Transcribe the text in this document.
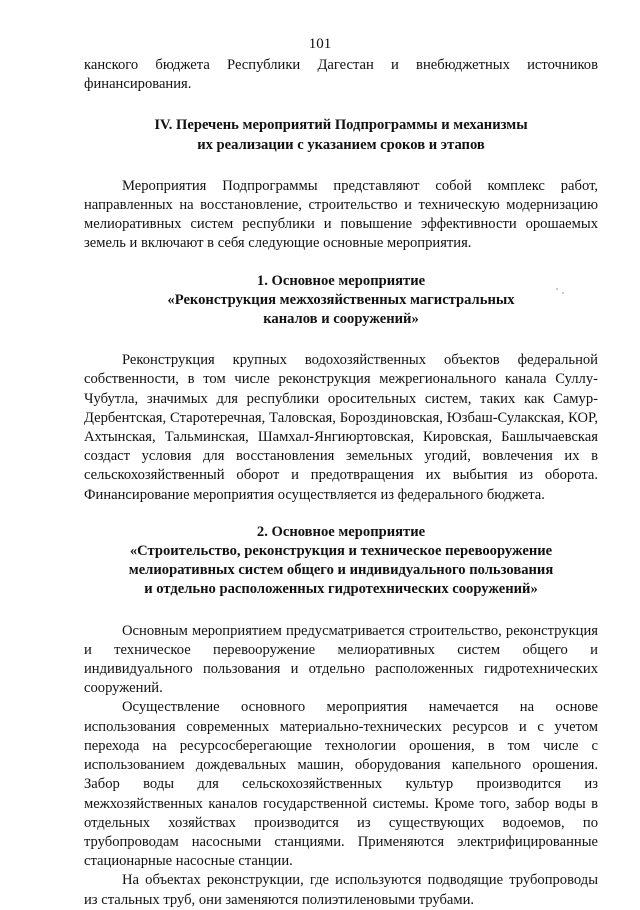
101

канского бюджета Республики Дагестан и внебюджетных источников финансирования.

IV. Перечень мероприятий Подпрограммы и механизмы
их реализации с указанием сроков и этапов

Мероприятия Подпрограммы представляют собой комплекс работ, направленных на восстановление, строительство и техническую модернизацию мелиоративных систем республики и повышение эффективности орошаемых земель и включают в себя следующие основные мероприятия.

1. Основное мероприятие
«Реконструкция межхозяйственных магистральных
каналов и сооружений»

Реконструкция крупных водохозяйственных объектов федеральной собственности, в том числе реконструкция межрегионального канала Суллу-Чубутла, значимых для республики оросительных систем, таких как Самур-Дербентская, Старотеречная, Таловская, Бороздиновская, Юзбаш-Сулакская, КОР, Ахтынская, Тальминская, Шамхал-Янгиюртовская, Кировская, Башлычаевская создаст условия для восстановления земельных угодий, вовлечения их в сельскохозяйственный оборот и предотвращения их выбытия из оборота. Финансирование мероприятия осуществляется из федерального бюджета.

2. Основное мероприятие
«Строительство, реконструкция и техническое перевооружение
мелиоративных систем общего и индивидуального пользования
и отдельно расположенных гидротехнических сооружений»

Основным мероприятием предусматривается строительство, реконструкция и техническое перевооружение мелиоративных систем общего и индивидуального пользования и отдельно расположенных гидротехнических сооружений.

Осуществление основного мероприятия намечается на основе использования современных материально-технических ресурсов и с учетом перехода на ресурсосберегающие технологии орошения, в том числе с использованием дождевальных машин, оборудования капельного орошения. Забор воды для сельскохозяйственных культур производится из межхозяйственных каналов государственной системы. Кроме того, забор воды в отдельных хозяйствах производится из существующих водоемов, по трубопроводам насосными станциями. Применяются электрифицированные стационарные насосные станции.

На объектах реконструкции, где используются подводящие трубопроводы из стальных труб, они заменяются полиэтиленовыми трубами.
